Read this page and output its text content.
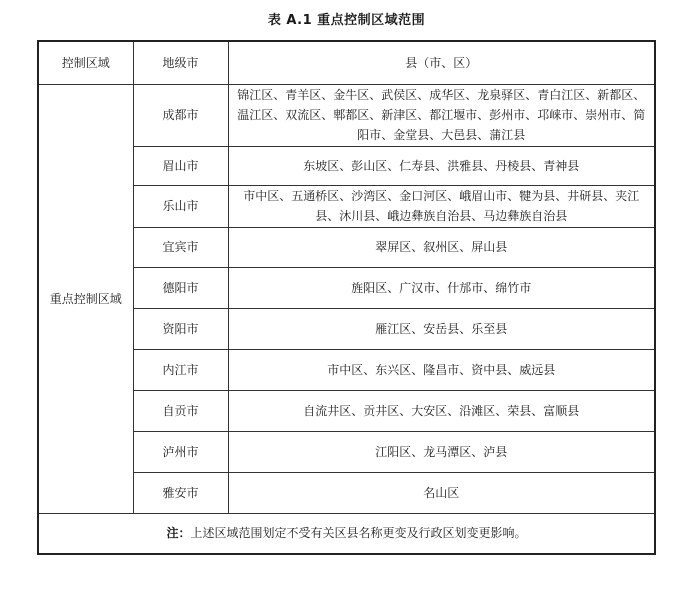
表 A.1 重点控制区域范围
控制区域	地级市	县（市、区）
重点控制区域	成都市	锦江区、青羊区、金牛区、武侯区、成华区、龙泉驿区、青白江区、新都区、温江区、双流区、郫都区、新津区、都江堰市、彭州市、邛崃市、崇州市、简阳市、金堂县、大邑县、蒲江县
	眉山市	东坡区、彭山区、仁寿县、洪雅县、丹棱县、青神县
	乐山市	市中区、五通桥区、沙湾区、金口河区、峨眉山市、犍为县、井研县、夹江县、沐川县、峨边彝族自治县、马边彝族自治县
	宜宾市	翠屏区、叙州区、屏山县
	德阳市	旌阳区、广汉市、什邡市、绵竹市
	资阳市	雁江区、安岳县、乐至县
	内江市	市中区、东兴区、隆昌市、资中县、威远县
	自贡市	自流井区、贡井区、大安区、沿滩区、荣县、富顺县
	泸州市	江阳区、龙马潭区、泸县
	雅安市	名山区
注：上述区域范围划定不受有关区县名称更变及行政区划变更影响。		
